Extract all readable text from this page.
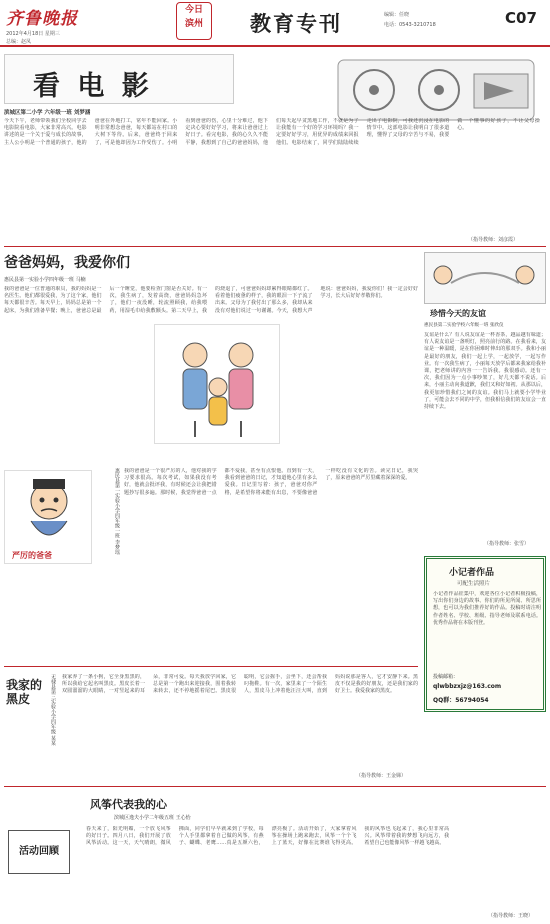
齐鲁晚报
2012年4月18日 星期三
总编：赵凤
今日
滨州	教育专刊	编辑：任晓
电话：0543-3210718	C07
看 电 影
滨城区第二小学 六年级一班 刘梦涵
今天下午，老师带领我们全校同学去电影院看电影，大家非常高兴。电影讲述的是一个关于爱与成长的故事，主人公小明是一个普通的孩子，他的爸爸在外地打工，常年不能回家。小明非常想念爸爸，每天都站在村口的大树下等待。后来，爸爸终于回来了，可是他却因为工作受伤了。小明看到爸爸的伤，心里十分难过，他下定决心要好好学习，将来让爸爸过上好日子。看完电影，我的心久久不能平静，我想到了自己的爸爸妈妈，他们每天起早贪黑地工作，不就是为了让我能有一个好的学习环境吗？我一定要好好学习，用优异的成绩来回报他们。电影结束了，同学们陆陆续续走出了电影院，可我还沉浸在电影的情节中。这部电影让我明白了很多道理，懂得了父母的辛苦与不易，我要做一个懂事的好孩子，不让父母操心。
（指导教师：刘彦霞）
爸爸妈妈，我爱你们
惠民县第一实验小学四年级一班 马楠
我的爸爸是一位普通的职员，我的妈妈是一名医生。他们都很爱我，为了这个家，他们每天都很辛苦。每天早上，妈妈总是第一个起床，为我们准备早餐；晚上，爸爸总是最后一个睡觉，他要检查门窗是否关好。有一次，我生病了，发着高烧，爸爸妈妈急坏了，他们一夜没睡，轮流照顾我，给我喂药，用湿毛巾给我敷额头。第二天早上，我的烧退了，可爸爸妈妈却累得眼睛都红了。看着他们疲惫的样子，我的眼泪一下子流了出来。父母为了我付出了那么多，我却从来没有对他们说过一句谢谢。今天，我想大声地说：爸爸妈妈，我爱你们！我一定会好好学习，长大后好好孝敬你们。
严厉的爸爸
惠民县第一实验小学四年级一班 李梦瑶 我的爸爸是一个很严厉的人，他对我的学习要求很高。每次考试，如果我没有考好，他就会批评我，有时候还会让我把错题抄写很多遍。那时候，我觉得爸爸一点都不爱我，甚至有点恨他。直到有一天，我看到爸爸的日记，才知道他心里有多么爱我。日记里写着：孩子，爸爸对你严格，是希望你将来能有出息，不要像爸爸一样吃没有文化的苦。读完日记，我哭了，原来爸爸的严厉里藏着深深的爱。
珍惜今天的友谊
惠民县第二实验学校六年级一班 张欣仪
友谊是什么？有人说友谊是一杯香茶，越品越有味道；有人说友谊是一盏明灯，照亮前行的路。在我看来，友谊是一种温暖，是在你困难时伸出的那双手。我和小丽是最好的朋友，我们一起上学，一起放学，一起写作业。有一次我生病了，小丽每天放学后都来我家给我补课，把老师讲的内容一一告诉我。我很感动。还有一次，我们因为一点小事吵架了，好几天都不说话。后来，小丽主动向我道歉，我们又和好如初。从那以后，我更加珍惜我们之间的友谊。我们马上就要小学毕业了，可能会去不同的中学，但我相信我们的友谊会一直持续下去。
（指导教师：张雪）
小记者作品
可配生活照片
小记者作品征集中，欢迎各位小记者积极投稿，写出你们身边的故事、你们的所见所闻、所思所想，也可以为我们推荐好的作品。投稿时请注明作者姓名、学校、班级、指导老师及联系电话。优秀作品将在本版刊登。
投稿邮箱：
qlwbbzxjz@163.com
QQ群：56794054
我家的黑皮	无棣县第三实验小学四年级 某某 我家养了一条小狗，它全身黑黑的，所以我给它起名叫黑皮。黑皮长着一双圆溜溜的大眼睛，一对竖起来的耳朵，非常可爱。每天我放学回家，它总是第一个跑出来迎接我，围着我转来转去，还不停地摇着尾巴。黑皮很聪明，它会握手，会坐下，还会帮我叼拖鞋。有一次，家里来了一个陌生人，黑皮马上冲着他汪汪大叫，直到妈妈说那是客人，它才安静下来。黑皮不仅是我的好朋友，还是我们家的好卫士。我爱我家的黑皮。
（指导教师：王金娣）
风筝代表我的心
滨城区逸夫小学二年级五班 王心怡
活动回顾
春天来了，阳光明媚，一个放飞风筝的好日子。四月八日，我们开展了放风筝活动。这一天，天气晴朗，微风拂面，同学们早早就来到了学校，每个人手里都拿着自己做的风筝，有燕子、蝴蝶、老鹰……真是五颜六色，漂亮极了。活动开始了，大家拿着风筝在操场上跑来跑去，风筝一个个飞上了蓝天，好像在比赛谁飞得更高。我的风筝也飞起来了，我心里非常高兴。风筝带着我的梦想飞向远方，我希望自己也能像风筝一样越飞越高。
（指导教师：王晓）
